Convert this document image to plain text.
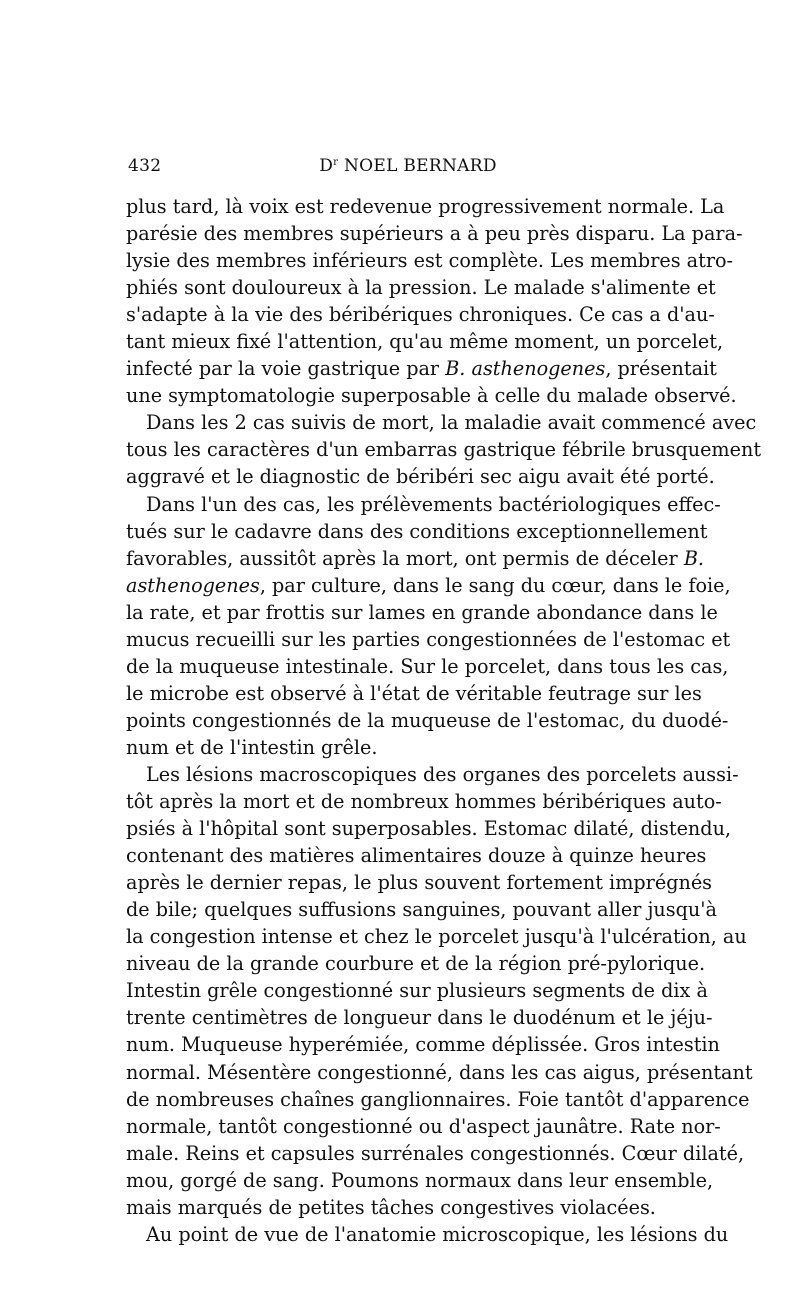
432	$D^r$ NOEL BERNARD
plus tard, là voix est redevenue progressivement normale. La
parésie des membres supérieurs a à peu près disparu. La para-
lysie des membres inférieurs est complète. Les membres atro-
phiés sont douloureux à la pression. Le malade s'alimente et
s'adapte à la vie des béribériques chroniques. Ce cas a d'au-
tant mieux fixé l'attention, qu'au même moment, un porcelet,
infecté par la voie gastrique par B. asthenogenes, présentait
une symptomatologie superposable à celle du malade observé.
Dans les 2 cas suivis de mort, la maladie avait commencé avec
tous les caractères d'un embarras gastrique fébrile brusquement
aggravé et le diagnostic de béribéri sec aigu avait été porté.
Dans l'un des cas, les prélèvements bactériologiques effec-
tués sur le cadavre dans des conditions exceptionnellement
favorables, aussitôt après la mort, ont permis de déceler B.
asthenogenes, par culture, dans le sang du cœur, dans le foie,
la rate, et par frottis sur lames en grande abondance dans le
mucus recueilli sur les parties congestionnées de l'estomac et
de la muqueuse intestinale. Sur le porcelet, dans tous les cas,
le microbe est observé à l'état de véritable feutrage sur les
points congestionnés de la muqueuse de l'estomac, du duodé-
num et de l'intestin grêle.
Les lésions macroscopiques des organes des porcelets aussi-
tôt après la mort et de nombreux hommes béribériques auto-
psiés à l'hôpital sont superposables. Estomac dilaté, distendu,
contenant des matières alimentaires douze à quinze heures
après le dernier repas, le plus souvent fortement imprégnés
de bile; quelques suffusions sanguines, pouvant aller jusqu'à
la congestion intense et chez le porcelet jusqu'à l'ulcération, au
niveau de la grande courbure et de la région pré-pylorique.
Intestin grêle congestionné sur plusieurs segments de dix à
trente centimètres de longueur dans le duodénum et le jéju-
num. Muqueuse hyperémiée, comme déplissée. Gros intestin
normal. Mésentère congestionné, dans les cas aigus, présentant
de nombreuses chaînes ganglionnaires. Foie tantôt d'apparence
normale, tantôt congestionné ou d'aspect jaunâtre. Rate nor-
male. Reins et capsules surrénales congestionnés. Cœur dilaté,
mou, gorgé de sang. Poumons normaux dans leur ensemble,
mais marqués de petites tâches congestives violacées.
Au point de vue de l'anatomie microscopique, les lésions du
